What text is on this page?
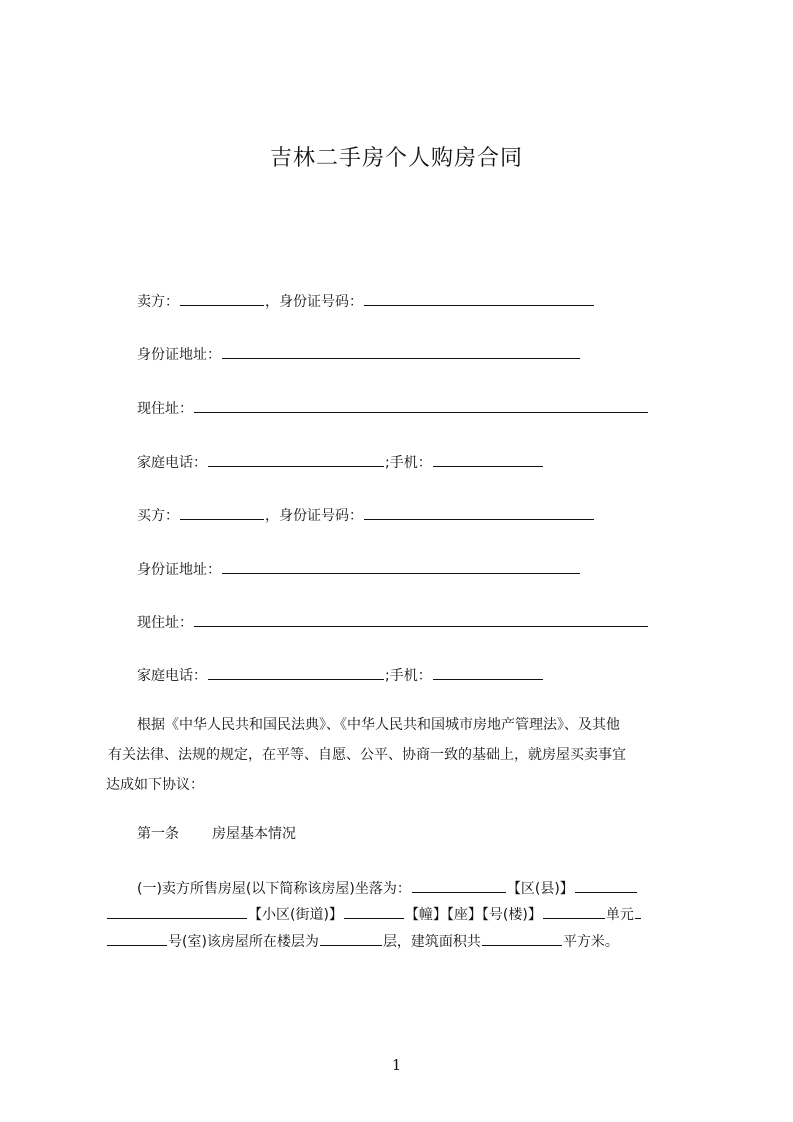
吉林二手房个人购房合同
卖方：	，身份证号码：
身份证地址：
现住址：
家庭电话：	;手机：
买方：	，身份证号码：
身份证地址：
现住址：
家庭电话：	;手机：

根据《中华人民共和国民法典》、《中华人民共和国城市房地产管理法》、及其他

有关法律、法规的规定，在平等、自愿、公平、协商一致的基础上，就房屋买卖事宜

达成如下协议：

第一条 房屋基本情况
(一)卖方所售房屋(以下简称该房屋)坐落为：	【区(县)】
【小区(街道)】	【幢】【座】【号(楼)】	单元
号(室)该房屋所在楼层为	层，建筑面积共	平方米。
1
